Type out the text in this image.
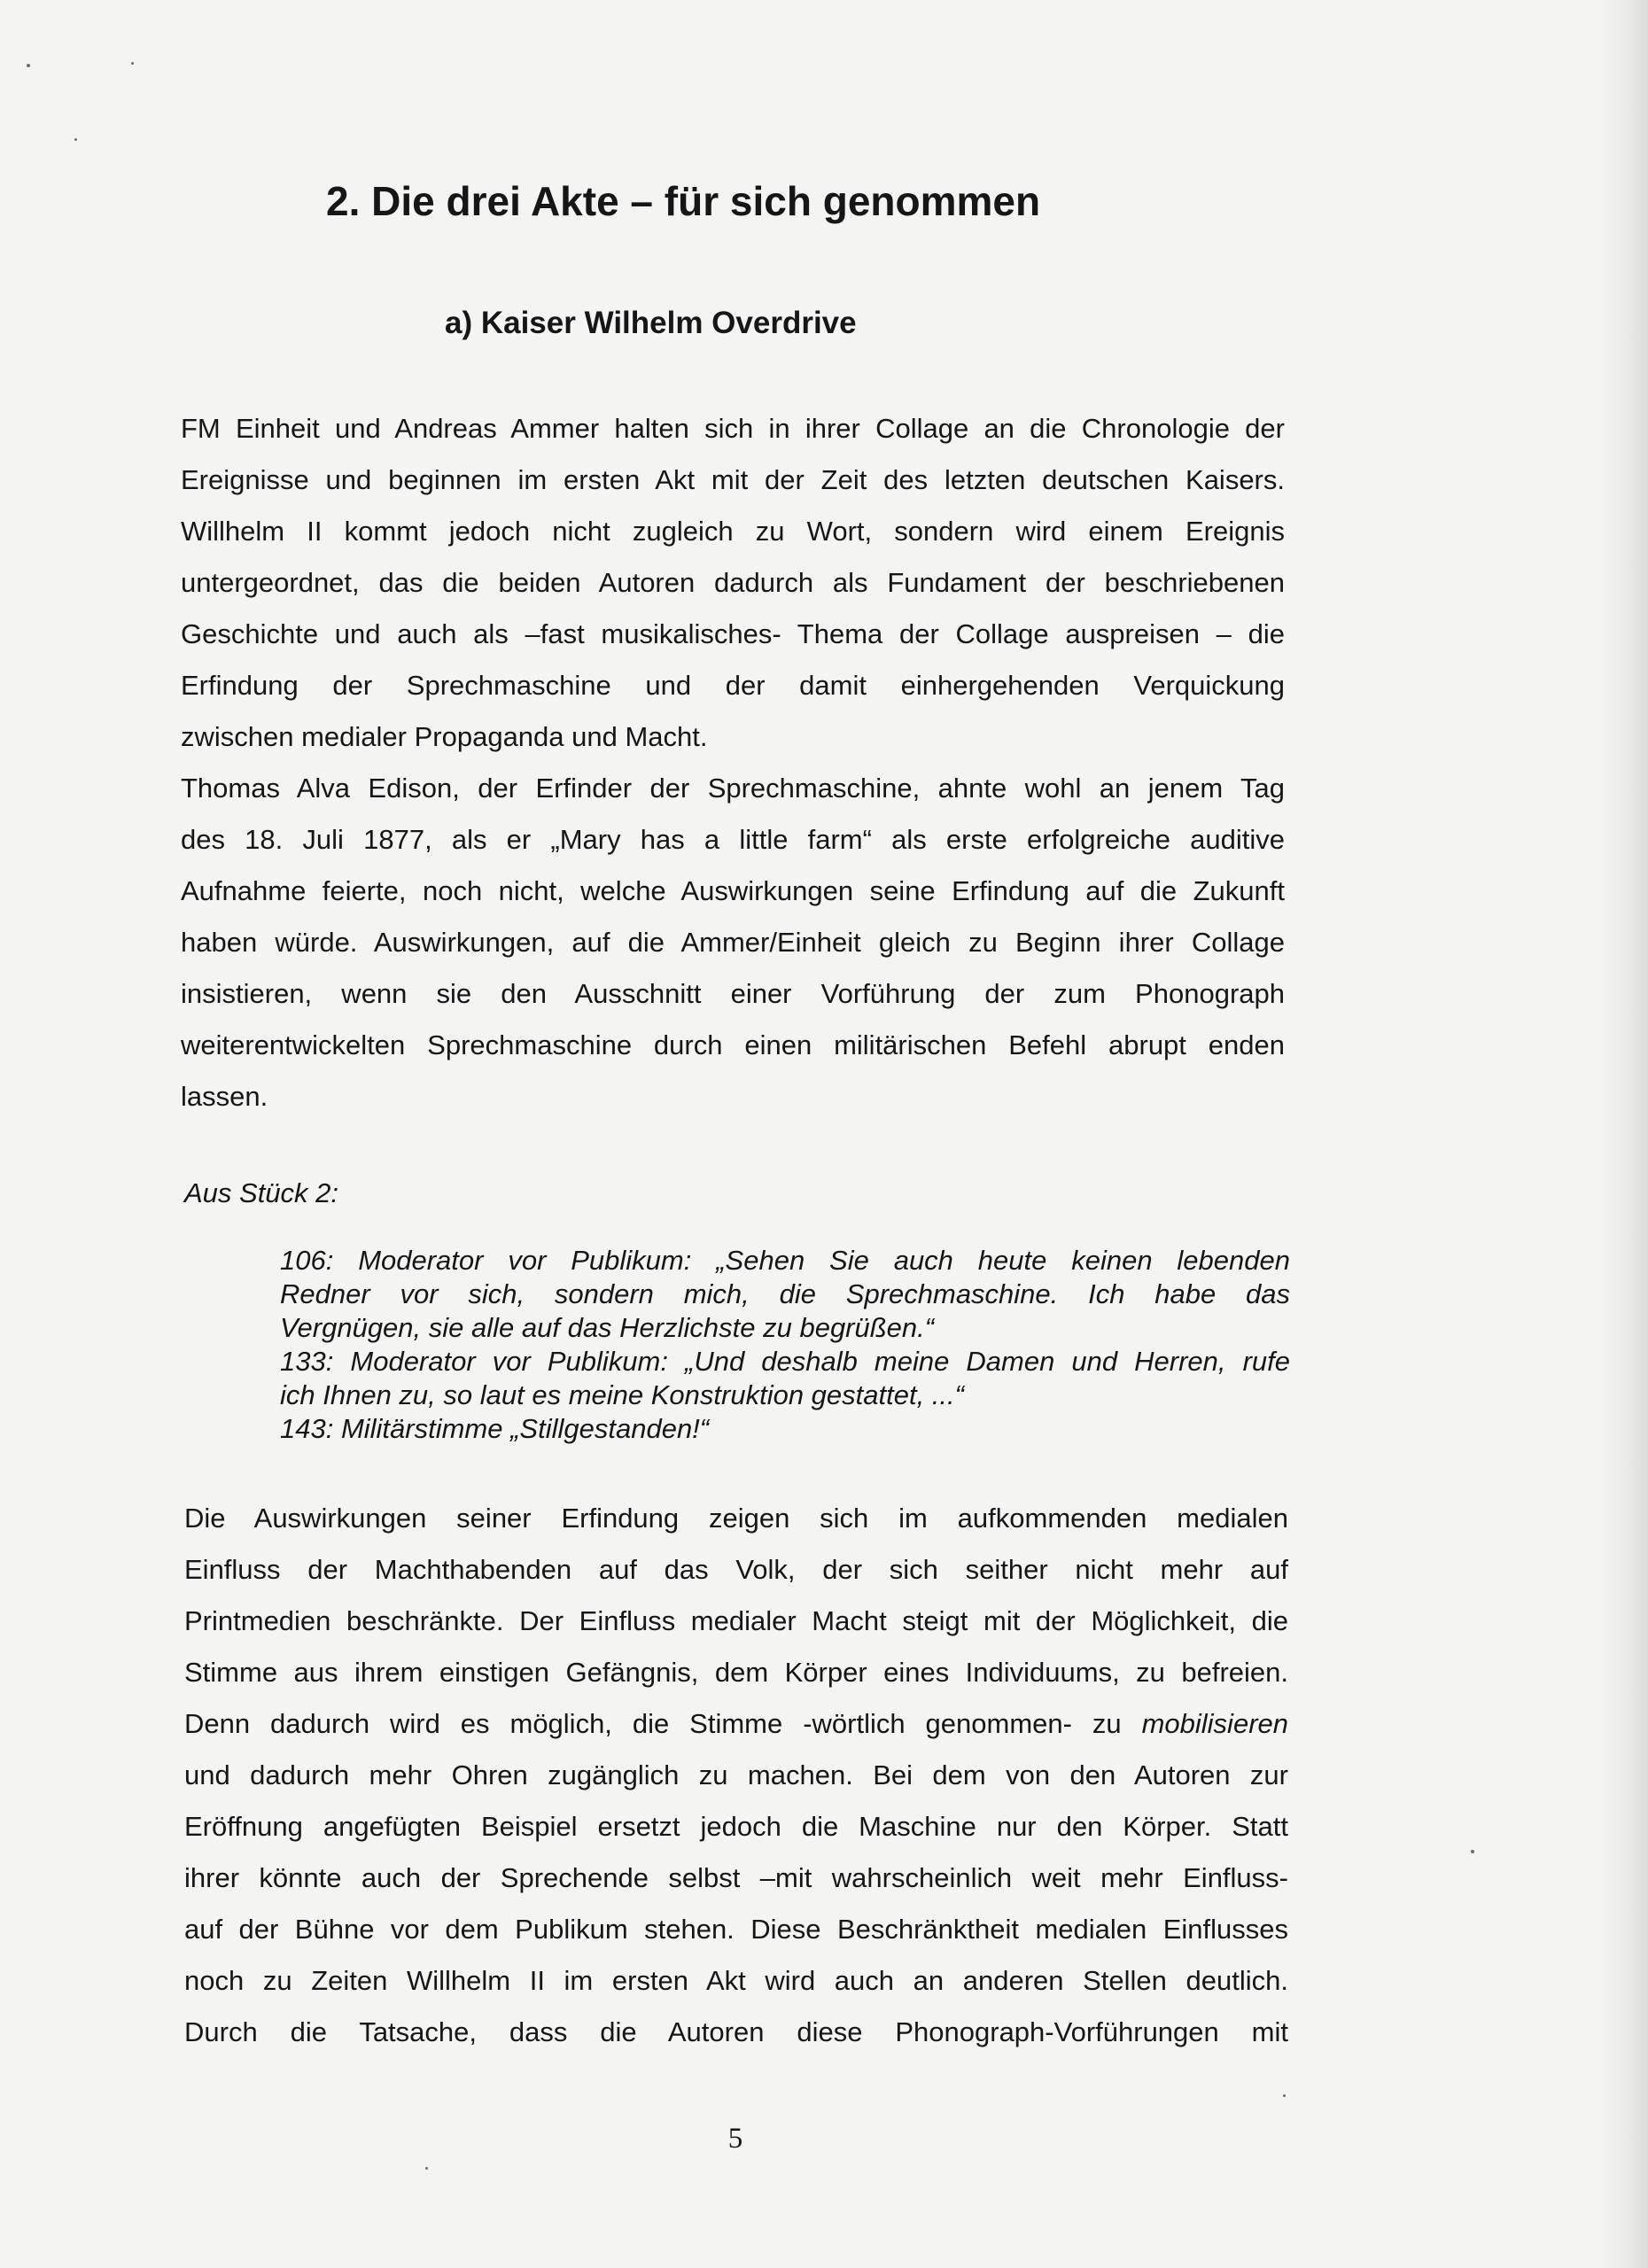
2. Die drei Akte – für sich genommen
a) Kaiser Wilhelm Overdrive

FM Einheit und Andreas Ammer halten sich in ihrer Collage an die Chronologie der
Ereignisse und beginnen im ersten Akt mit der Zeit des letzten deutschen Kaisers.
Willhelm II kommt jedoch nicht zugleich zu Wort, sondern wird einem Ereignis
untergeordnet, das die beiden Autoren dadurch als Fundament der beschriebenen
Geschichte und auch als –fast musikalisches- Thema der Collage auspreisen – die
Erfindung der Sprechmaschine und der damit einhergehenden Verquickung
zwischen medialer Propaganda und Macht.

Thomas Alva Edison, der Erfinder der Sprechmaschine, ahnte wohl an jenem Tag
des 18. Juli 1877, als er „Mary has a little farm“ als erste erfolgreiche auditive
Aufnahme feierte, noch nicht, welche Auswirkungen seine Erfindung auf die Zukunft
haben würde. Auswirkungen, auf die Ammer/Einheit gleich zu Beginn ihrer Collage
insistieren, wenn sie den Ausschnitt einer Vorführung der zum Phonograph
weiterentwickelten Sprechmaschine durch einen militärischen Befehl abrupt enden
lassen.

Aus Stück 2:

106: Moderator vor Publikum: „Sehen Sie auch heute keinen lebenden
Redner vor sich, sondern mich, die Sprechmaschine. Ich habe das
Vergnügen, sie alle auf das Herzlichste zu begrüßen.“
133: Moderator vor Publikum: „Und deshalb meine Damen und Herren, rufe
ich Ihnen zu, so laut es meine Konstruktion gestattet, ...“
143: Militärstimme „Stillgestanden!“

Die Auswirkungen seiner Erfindung zeigen sich im aufkommenden medialen
Einfluss der Machthabenden auf das Volk, der sich seither nicht mehr auf
Printmedien beschränkte. Der Einfluss medialer Macht steigt mit der Möglichkeit, die
Stimme aus ihrem einstigen Gefängnis, dem Körper eines Individuums, zu befreien.
Denn dadurch wird es möglich, die Stimme -wörtlich genommen- zu mobilisieren
und dadurch mehr Ohren zugänglich zu machen. Bei dem von den Autoren zur
Eröffnung angefügten Beispiel ersetzt jedoch die Maschine nur den Körper. Statt
ihrer könnte auch der Sprechende selbst –mit wahrscheinlich weit mehr Einfluss-
auf der Bühne vor dem Publikum stehen. Diese Beschränktheit medialen Einflusses
noch zu Zeiten Willhelm II im ersten Akt wird auch an anderen Stellen deutlich.
Durch die Tatsache, dass die Autoren diese Phonograph-Vorführungen mit

5
